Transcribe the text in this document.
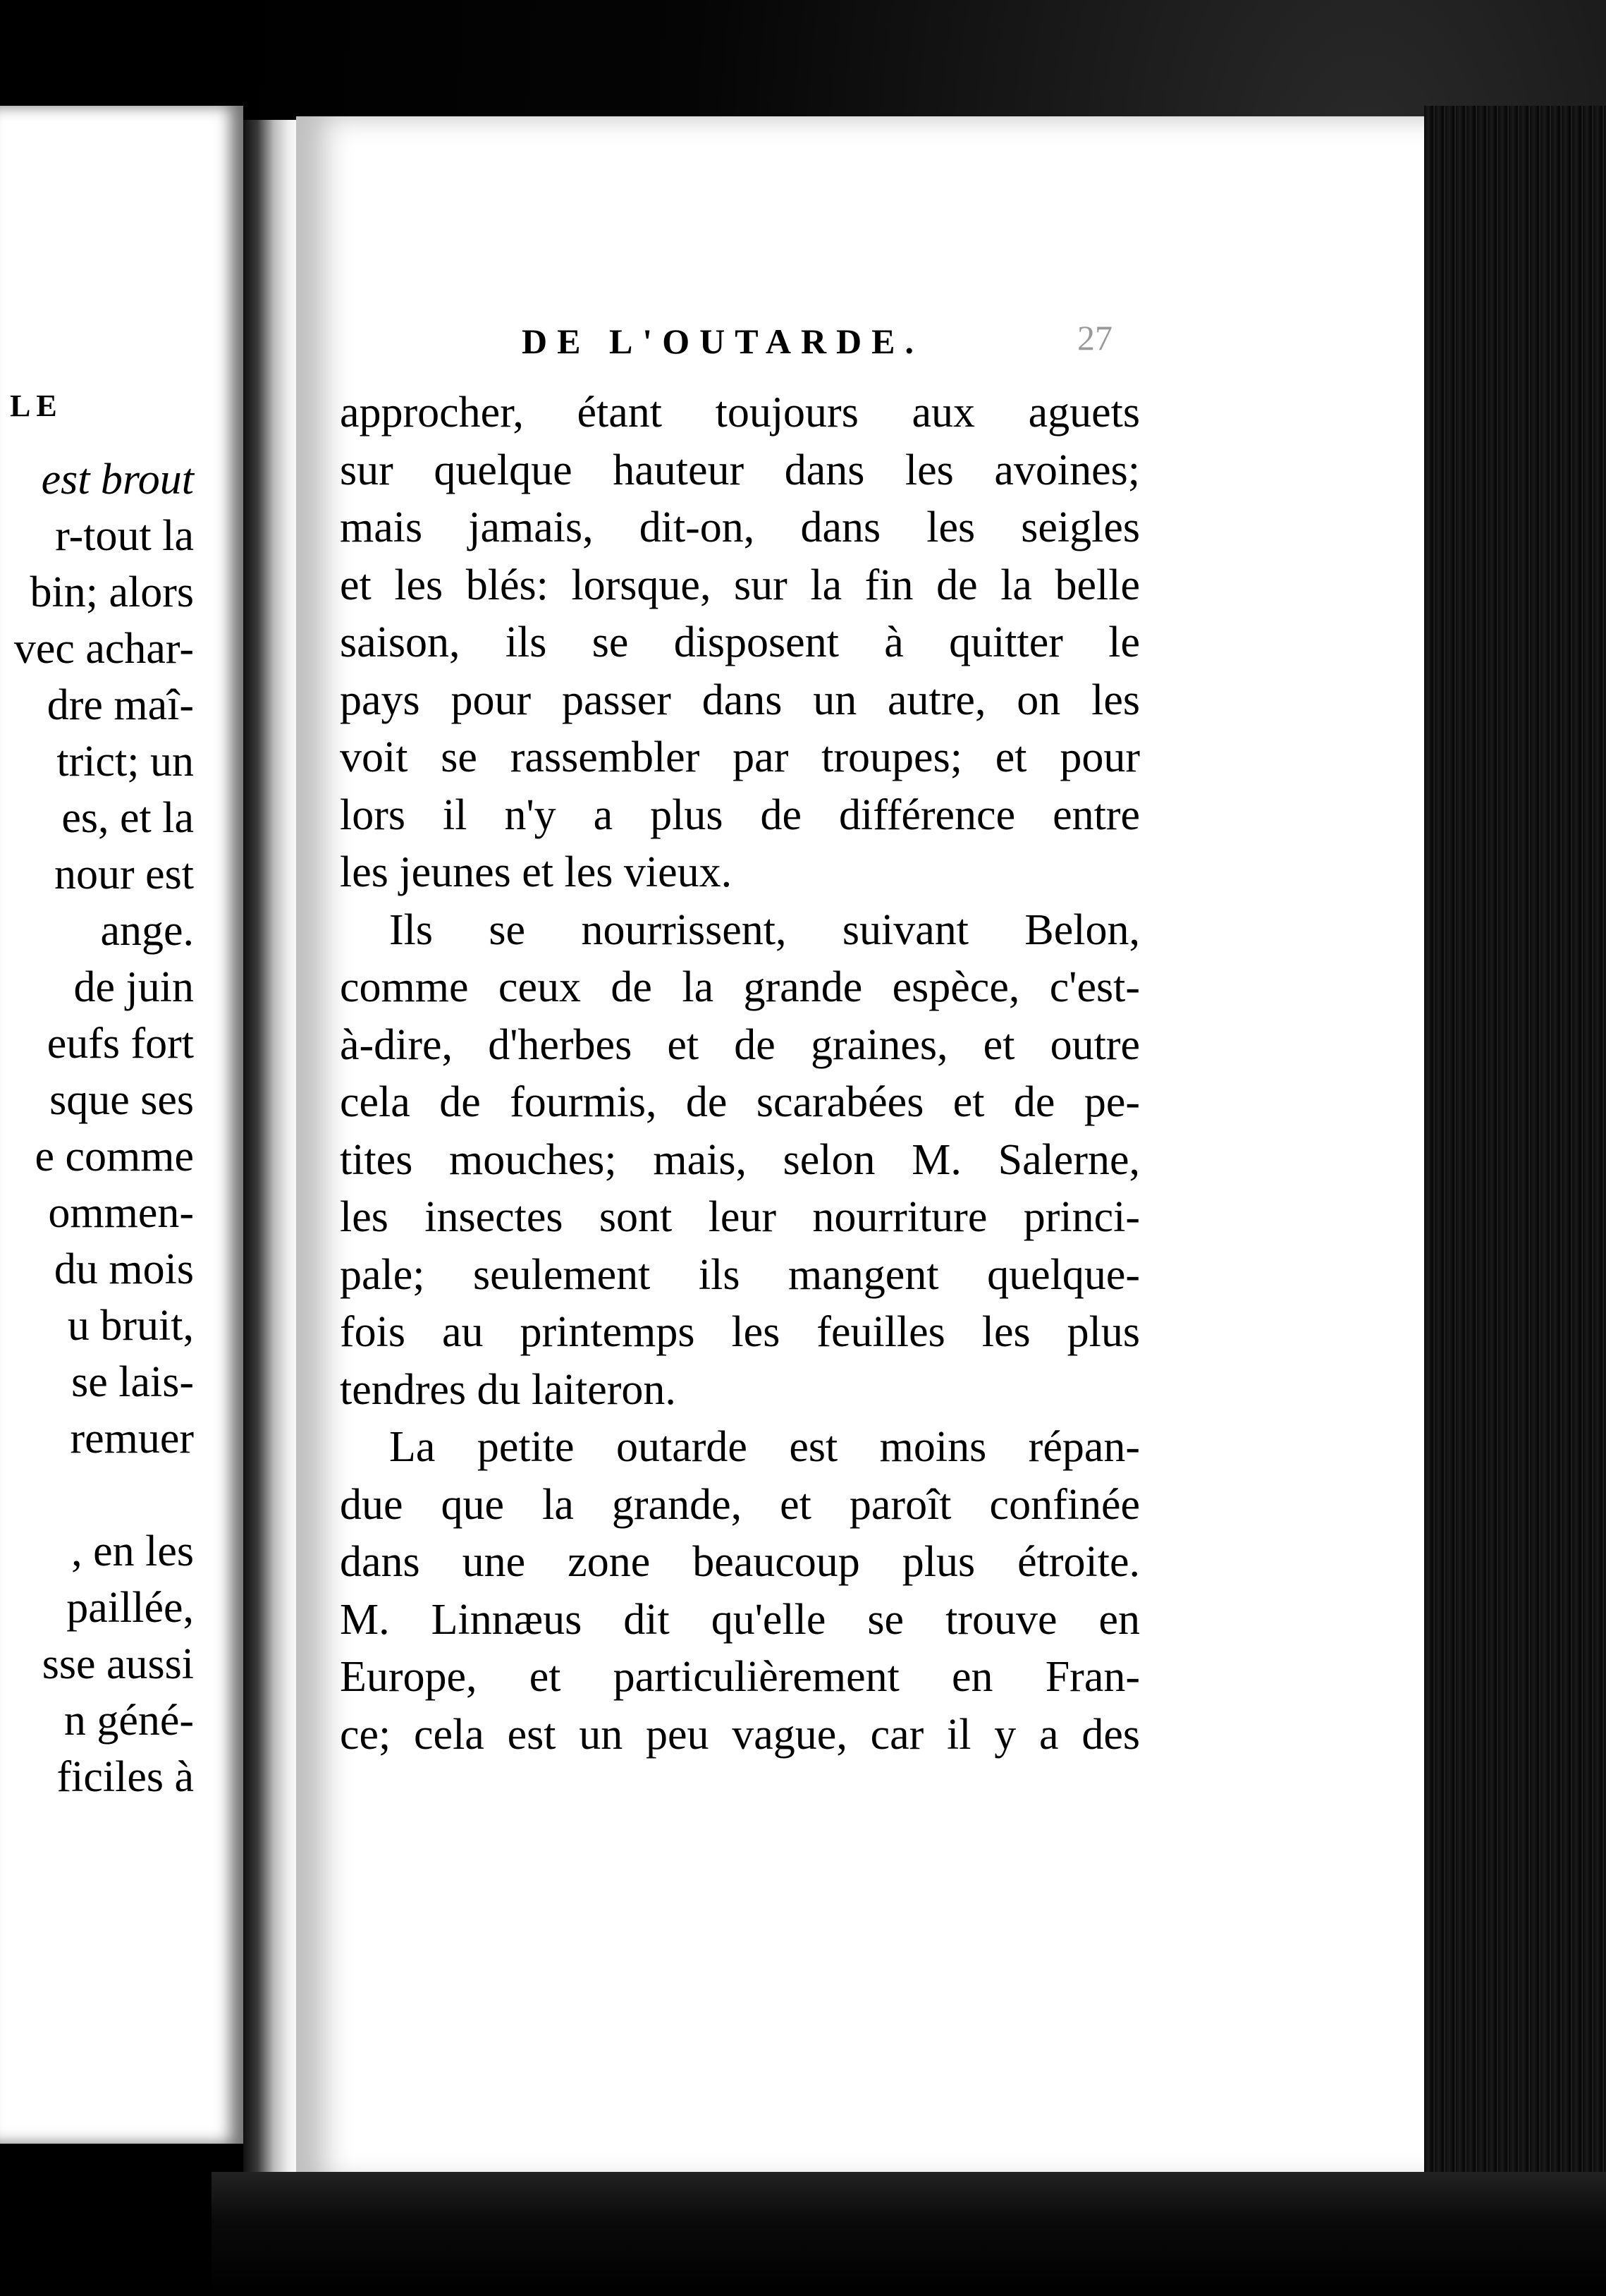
LE
est brout
r-tout la
bin; alors
vec achar-
dre maî-
trict; un
es, et la
nour est
ange.
de juin
eufs fort
sque ses
e comme
ommen-
du mois
u bruit,
se lais-
remuer
, en les
paillée,
sse aussi
n géné-
ficiles à
DE L'OUTARDE.	27
approcher, étant toujours aux aguets
sur quelque hauteur dans les avoines;
mais jamais, dit-on, dans les seigles
et les blés: lorsque, sur la fin de la belle
saison, ils se disposent à quitter le
pays pour passer dans un autre, on les
voit se rassembler par troupes; et pour
lors il n'y a plus de différence entre
les jeunes et les vieux.
Ils se nourrissent, suivant Belon,
comme ceux de la grande espèce, c'est-
à-dire, d'herbes et de graines, et outre
cela de fourmis, de scarabées et de pe-
tites mouches; mais, selon M. Salerne,
les insectes sont leur nourriture princi-
pale; seulement ils mangent quelque-
fois au printemps les feuilles les plus
tendres du laiteron.
La petite outarde est moins répan-
due que la grande, et paroît confinée
dans une zone beaucoup plus étroite.
M. Linnæus dit qu'elle se trouve en
Europe, et particulièrement en Fran-
ce; cela est un peu vague, car il y a des
